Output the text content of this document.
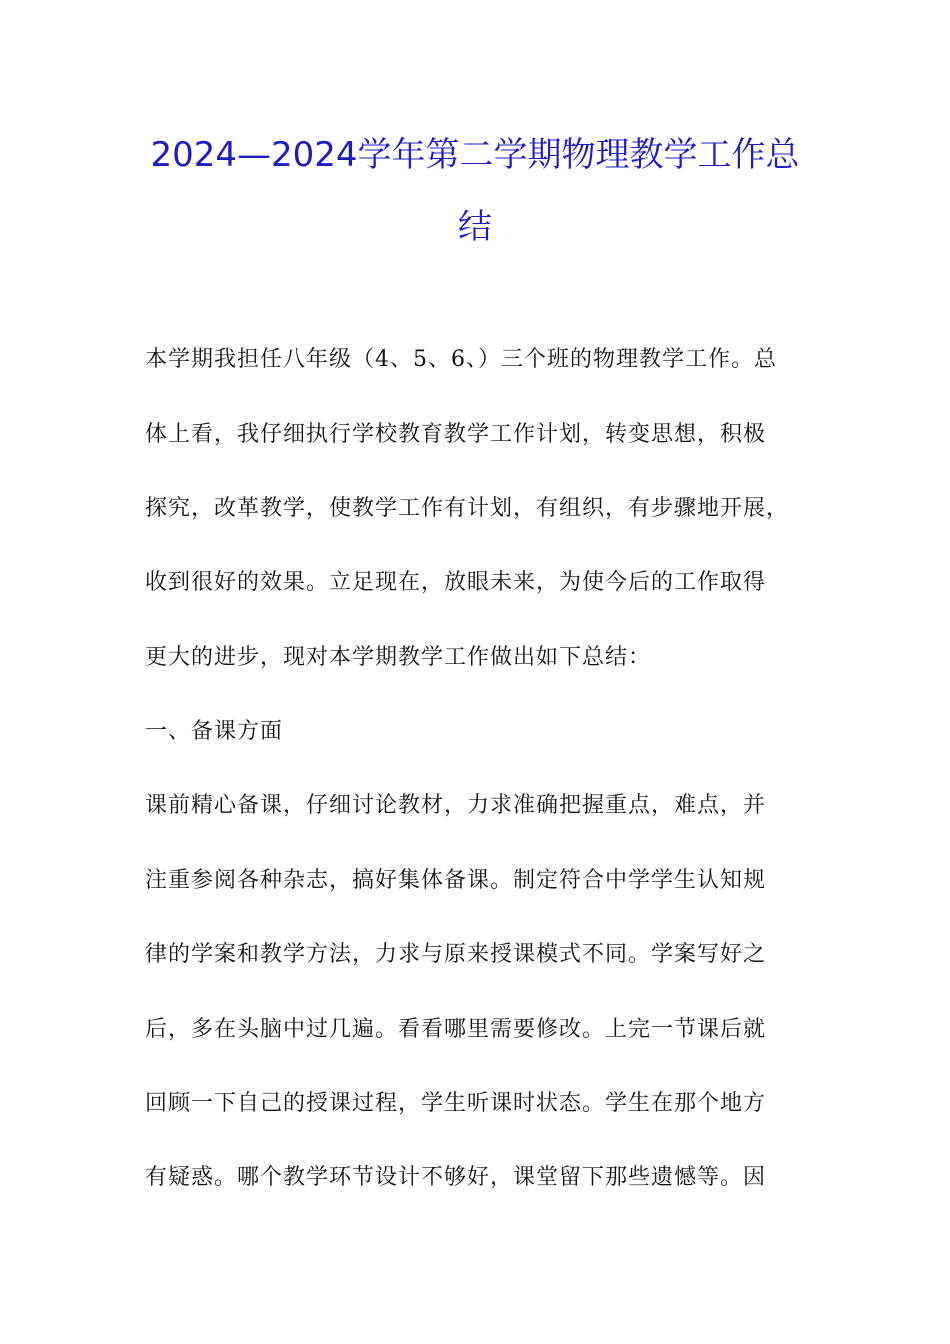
2024—2024学年第二学期物理教学工作总
结
本学期我担任八年级（4、5、6、）三个班的物理教学工作。总
体上看，我仔细执行学校教育教学工作计划，转变思想，积极
探究，改革教学，使教学工作有计划，有组织，有步骤地开展，
收到很好的效果。立足现在，放眼未来，为使今后的工作取得
更大的进步，现对本学期教学工作做出如下总结：
一、备课方面
课前精心备课，仔细讨论教材，力求准确把握重点，难点，并
注重参阅各种杂志，搞好集体备课。制定符合中学学生认知规
律的学案和教学方法，力求与原来授课模式不同。学案写好之
后，多在头脑中过几遍。看看哪里需要修改。上完一节课后就
回顾一下自己的授课过程，学生听课时状态。学生在那个地方
有疑惑。哪个教学环节设计不够好，课堂留下那些遗憾等。因
